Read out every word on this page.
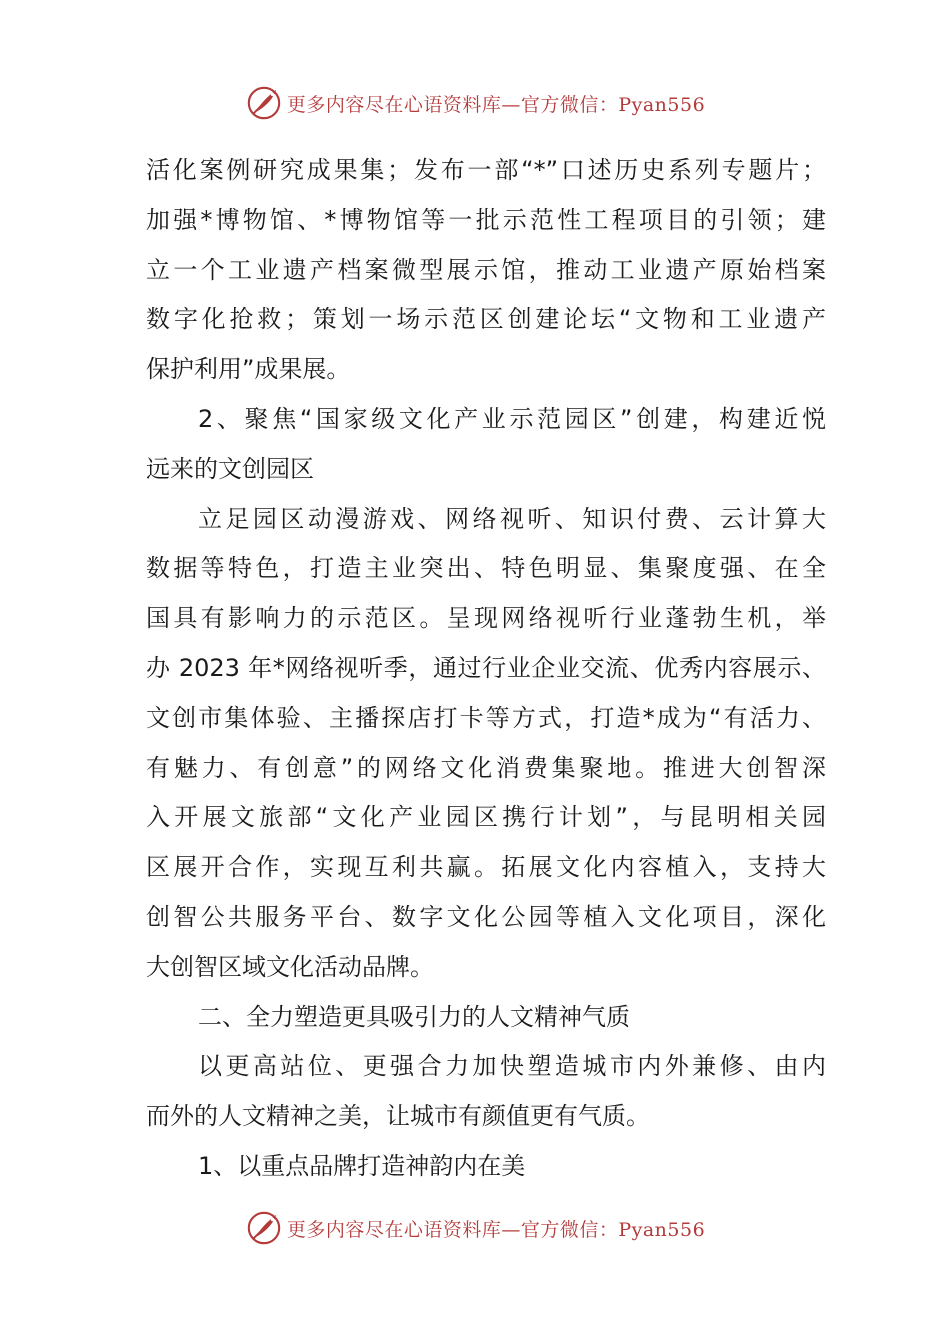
更多内容尽在心语资料库—官方微信：Pyan556
活化案例研究成果集；发布一部“*”口述历史系列专题片；
加强*博物馆、*博物馆等一批示范性工程项目的引领；建
立一个工业遗产档案微型展示馆，推动工业遗产原始档案
数字化抢救；策划一场示范区创建论坛“文物和工业遗产
保护利用”成果展。
2、聚焦“国家级文化产业示范园区”创建，构建近悦
远来的文创园区
立足园区动漫游戏、网络视听、知识付费、云计算大
数据等特色，打造主业突出、特色明显、集聚度强、在全
国具有影响力的示范区。呈现网络视听行业蓬勃生机，举
办 2023 年*网络视听季，通过行业企业交流、优秀内容展示、
文创市集体验、主播探店打卡等方式，打造*成为“有活力、
有魅力、有创意”的网络文化消费集聚地。推进大创智深
入开展文旅部“文化产业园区携行计划”，与昆明相关园
区展开合作，实现互利共赢。拓展文化内容植入，支持大
创智公共服务平台、数字文化公园等植入文化项目，深化
大创智区域文化活动品牌。
二、全力塑造更具吸引力的人文精神气质
以更高站位、更强合力加快塑造城市内外兼修、由内
而外的人文精神之美，让城市有颜值更有气质。
1、以重点品牌打造神韵内在美
更多内容尽在心语资料库—官方微信：Pyan556
